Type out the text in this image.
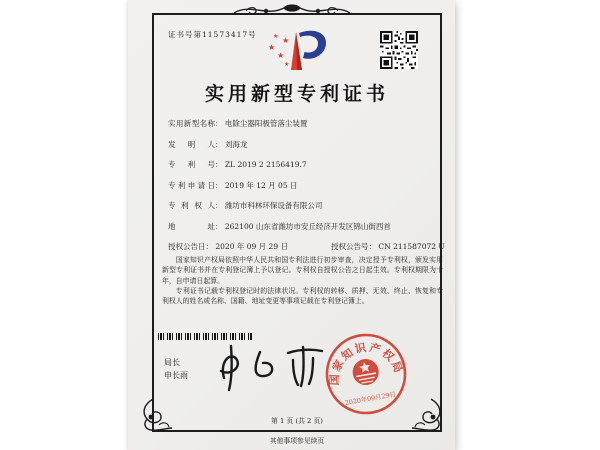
证书号第11573417号
★
★
★
★
★
实用新型专利证书
实用新型名称： 电除尘器阳极管落尘装置
发明人： 刘海龙
专利号： ZL 2019 2 2156419.7
专利申请日： 2019 年 12 月 05 日
专利权人： 潍坊市科林环保设备有限公司
地址： 262100 山东省潍坊市安丘经济开发区锦山街西首
授权公告日： 2020 年 09 月 29 日	授权公告号： CN 211587072 U

国家知识产权局依照中华人民共和国专利法进行初步审查，决定授予专利权，颁发实用新型专利证书并在专利登记簿上予以登记。专利权自授权公告之日起生效。专利权期限为十年，自申请日起算。

专利证书记载专利权登记时的法律状况。专利权的转移、质押、无效、终止、恢复和专利权人的姓名或名称、国籍、地址变更等事项记载在专利登记簿上。

局长
申长雨	国家知识产权局
2020年09月29日
第 1 页 (共 2 页)
其他事项参见续页
